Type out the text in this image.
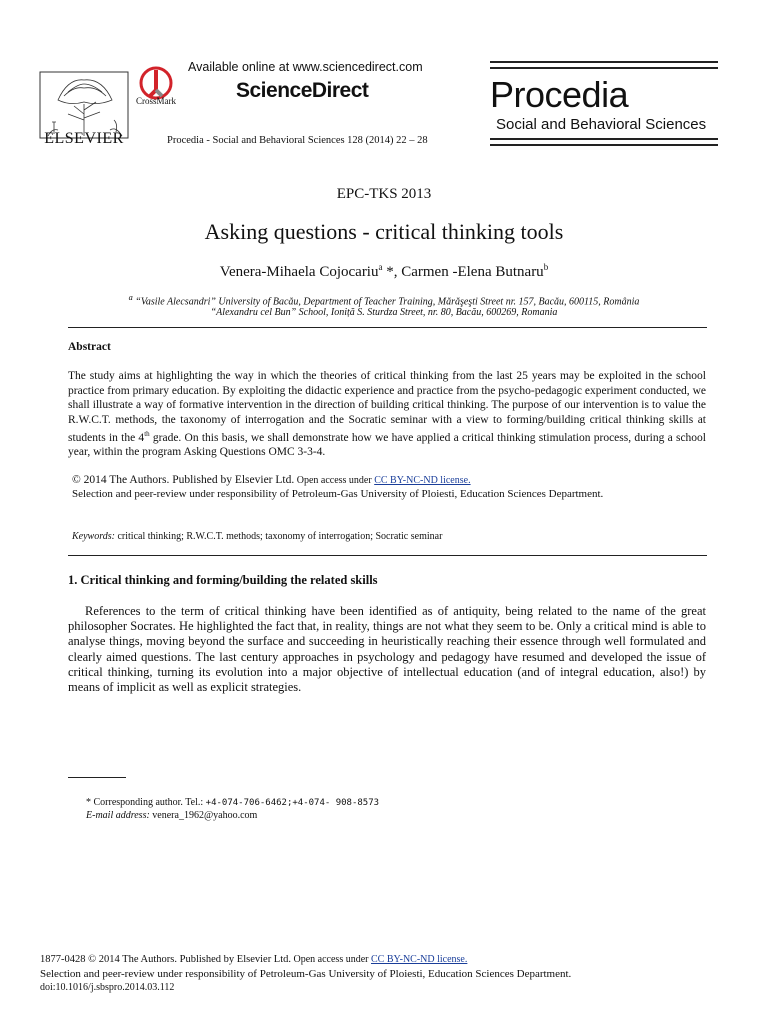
ELSEVIER
CrossMark
Available online at www.sciencedirect.com
ScienceDirect
Procedia - Social and Behavioral Sciences 128 (2014) 22 – 28
Procedia
Social and Behavioral Sciences
EPC-TKS 2013
Asking questions - critical thinking tools
Venera-Mihaela Cojocariu$^a$ *, Carmen -Elena Butnaru$^b$
$^a$ “Vasile Alecsandri” University of Bacău, Department of Teacher Training, Mărăşeşti Street nr. 157, Bacău, 600115, România
“Alexandru cel Bun” School, Ioniță S. Sturdza Street, nr. 80, Bacău, 600269, Romania
Abstract
The study aims at highlighting the way in which the theories of critical thinking from the last 25 years may be exploited in the school practice from primary education. By exploiting the didactic experience and practice from the psycho-pedagogic experiment conducted, we shall illustrate a way of formative intervention in the direction of building critical thinking. The purpose of our intervention is to value the R.W.C.T. methods, the taxonomy of interrogation and the Socratic seminar with a view to forming/building critical thinking skills at students in the 4th grade. On this basis, we shall demonstrate how we have applied a critical thinking stimulation process, during a school year, within the program Asking Questions OMC 3-3-4.
© 2014 The Authors. Published by Elsevier Ltd. Open access under CC BY-NC-ND license.
Selection and peer-review under responsibility of Petroleum-Gas University of Ploiesti, Education Sciences Department.
Keywords: critical thinking; R.W.C.T. methods; taxonomy of interrogation; Socratic seminar
1. Critical thinking and forming/building the related skills
References to the term of critical thinking have been identified as of antiquity, being related to the name of the great philosopher Socrates. He highlighted the fact that, in reality, things are not what they seem to be. Only a critical mind is able to analyse things, moving beyond the surface and succeeding in heuristically reaching their essence through well formulated and clearly aimed questions. The last century approaches in psychology and pedagogy have resumed and developed the issue of critical thinking, turning its evolution into a major objective of intellectual education (and of integral education, also!) by means of implicit as well as explicit strategies.
* Corresponding author. Tel.: +4-074-706-6462;+4-074- 908-8573
E-mail address: venera_1962@yahoo.com
1877-0428 © 2014 The Authors. Published by Elsevier Ltd. Open access under CC BY-NC-ND license.
Selection and peer-review under responsibility of Petroleum-Gas University of Ploiesti, Education Sciences Department.
doi:10.1016/j.sbspro.2014.03.112
